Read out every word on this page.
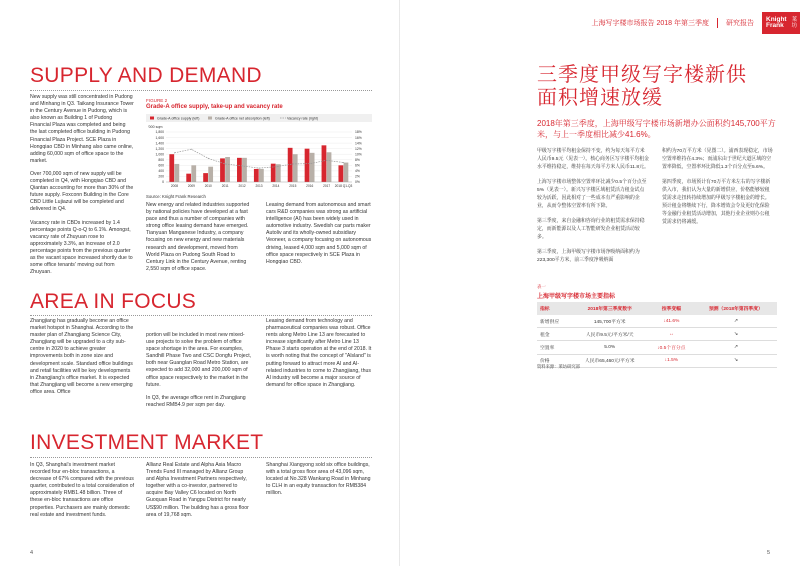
SUPPLY AND DEMAND

New supply was still concentrated in Pudong and Minhang in Q3. Taikang Insurance Tower in the Century Avenue in Pudong, which is also known as Building 1 of Pudong Financial Plaza was completed and being the last completed office building in Pudong Financial Plaza Project. SCE Plaza in Hongqiao CBD in Minhang also came online, adding 60,000 sqm of office space to the market.

Over 700,000 sqm of new supply will be completed in Q4, with Hongqiao CBD and Qiantan accounting for more than 30% of the future supply. Foxconn Building in the Core CBD Little Lujiazui will be completed and delivered in Q4.

Vacancy rate in CBDs increased by 1.4 percentage points Q-o-Q to 6.1%. Amongst, vacancy rate of Zhuyuan rose to approximately 3.3%, an increase of 2.0 percentage points from the previous quarter as the vacant space increased shortly due to some office tenants' moving out from Zhuyuan.

FIGURE 2
Grade-A office supply, take-up and vacancy rate
Grade-A office supply (left)	Grade-A office net absorption (left)	Vacancy rate (right)
'000 sqm
1,800
1,600
1,400
1,200
1,000
800
600
400
200
0
18%
16%
14%
12%
10%
8%
6%
4%
2%
0%
2008	2009	2010	2011	2012	2013	2014	2015	2016	2017 2018 Q1-Q3
Source: Knight Frank Research

New energy and related industries supported by national policies have developed at a fast pace and thus a number of companies with strong office leasing demand have emerged. Tianyuan Manganese Industry, a company focusing on new energy and new materials research and development, moved from World Plaza on Pudong South Road to Century Link in the Century Avenue, renting 2,550 sqm of office space.

Leasing demand from autonomous and smart cars R&D companies was strong as artificial intelligence (AI) has been widely used in automotive industry. Swedish car parts maker Autoliv and its wholly-owned subsidiary Veoneer, a company focusing on autonomous driving, leased 4,000 sqm and 5,000 sqm of office space respectively in SCE Plaza in Hongqiao CBD.

AREA IN FOCUS

Zhangjiang has gradually become an office market hotspot in Shanghai. According to the master plan of Zhangjiang Science City, Zhangjiang will be upgraded to a city sub-centre in 2020 to achieve greater improvements both in zone size and development scale. Standard office buildings and retail facilities will be key developments in Zhangjiang's office market. It is expected that Zhangjiang will become a new emerging office area. Office

portion will be included in most new mixed-use projects to solve the problem of office space shortage in the area. For examples, Sandhill Phase Two and CSC Dongfu Project, both near Guanglan Road Metro Station, are expected to add 32,000 and 200,000 sqm of office space respectively to the market in the future.

In Q3, the average office rent in Zhangjiang reached RMB4.9 per sqm per day.

Leasing demand from technology and pharmaceutical companies was robust. Office rents along Metro Line 13 are forecasted to increase significantly after Metro Line 13 Phase 3 starts operation at the end of 2018. It is worth noting that the concept of "Alsland" is putting forward to attract more AI and AI-related industries to come to Zhangjiang, thus AI industry will become a major source of demand for office space in Zhangjiang.

INVESTMENT MARKET

In Q3, Shanghai's investment market recorded four en-bloc transactions, a decrease of 67% compared with the previous quarter, contributed to a total consideration of approximately RMB1.48 billion. Three of these en-bloc transactions are office properties. Purchasers are mainly domestic real estate and investment funds.

Allianz Real Estate and Alpha Asia Macro Trends Fund III managed by Allianz Group and Alpha Investment Partners respectively, together with a co-investor, partnered to acquire Bay Valley C6 located on North Guoquan Road in Yangpu District for nearly US$90 million. The building has a gross floor area of 19,768 sqm.

Shanghai Xiangyong sold six office buildings, with a total gross floor area of 43,096 sqm, located at No.328 Wankang Road in Minhang to CLH in an equity transaction for RMB384 million.

4
上海写字楼市场报告 2018 年第三季度 研究报告
Knight
Frank
莱坊
三季度甲级写字楼新供
面积增速放缓
2018年第三季度，上海甲级写字楼市场新增办公面积约145,700平方米，与上一季度相比减少41.6%。

甲级写字楼平均租金保持不变，约为每天每平方米人民币9.5元（见表一）。核心商务区写字楼平均租金水平维持稳定，维持在每天每平方米人民币11.8元。

上海写字楼市场整体空置率环比减少0.5个百分点至5%（见表一）。新兴写字楼区域租赁活力租金试点较为活跃，因此相对了一些成本有严重影响的企业，从而令整体空置率有所下降。

第三季度，来自金融和咨询行业的租赁需求保持稳定，而新能源以及人工智能研发企业租赁活动较多。

第三季度，上海甲级写字楼市场净吸纳面积约为223,300平方米，前三季度净吸纳面

积约为70万平方米（见图二）。浦西表现稳定，市场空置率维持在4.3%；而浦东由于世纪大道区域的空置率降低，空置率环比降低1.3个百分点至5.6%。

第四季度，市场预计有70万平方米左右的写字楼新供入市，我们认为大量的新增供应，价格能够较租赁需求走扭转持续增加的甲级写字楼租金的增长。预计租金将继续下行，降本增效会令及更好化保险等金融行业租赁活动增加，其他行业企业则办公租赁需求仍将减缓。

表一
上海甲级写字楼市场主要指标
指标	2018年第三季度数字	按季变幅	预测（2018年第四季度）
新增供应	145,700平方米	↓41.6%	↗
租金	人民币9.5元/平方米/天	↔	↘
空置率	5.0%	↓0.5个百分点	↗
价格	人民币65,460元/平方米	↓1.5%	↘
资料来源：莱坊研究部
5
